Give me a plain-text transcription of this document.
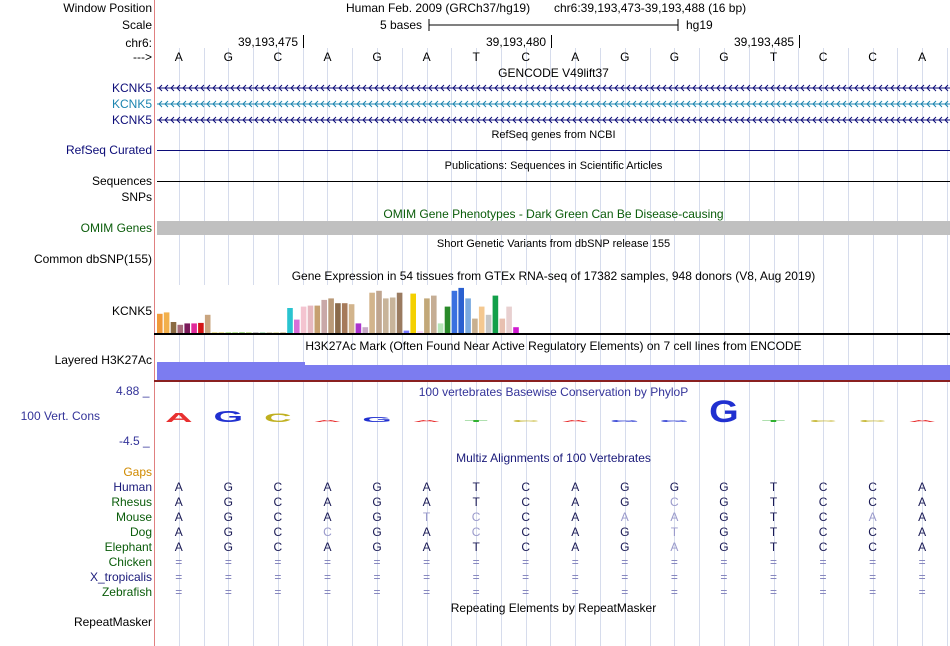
Window Position	Human Feb. 2009 (GRCh37/hg19) chr6:39,193,473-39,193,488 (16 bp)
Scale	5 bases	hg19
chr6:	39,193,475	39,193,480	39,193,485
--->	A	G	C	A	G	A	T	C	A	G	G	G	T	C	C	A
GENCODE V49lift37
KCNK5
KCNK5
KCNK5
RefSeq genes from NCBI
RefSeq Curated
Publications: Sequences in Scientific Articles
Sequences
SNPs
OMIM Gene Phenotypes - Dark Green Can Be Disease-causing
OMIM Genes
Short Genetic Variants from dbSNP release 155
Common dbSNP(155)
Gene Expression in 54 tissues from GTEx RNA-seq of 17382 samples, 948 donors (V8, Aug 2019)
KCNK5
H3K27Ac Mark (Often Found Near Active Regulatory Elements) on 7 cell lines from ENCODE
Layered H3K27Ac
100 vertebrates Basewise Conservation by PhyloP
4.88 _
100 Vert. Cons
-4.5 _
A G C A G A T C A G G G T C C A
Multiz Alignments of 100 Vertebrates
Gaps
Human	A	G	C	A	G	A	T	C	A	G	G	G	T	C	C	A
Rhesus	A	G	C	A	G	A	T	C	A	G	C	G	T	C	C	A
Mouse	A	G	C	A	G	T	C	C	A	A	A	G	T	C	A	A
Dog	A	G	C	C	G	A	C	C	A	G	T	G	T	C	C	A
Elephant	A	G	C	A	G	A	T	C	A	G	A	G	T	C	C	A
Chicken	=	=	=	=	=	=	=	=	=	=	=	=	=	=	=	=
X_tropicalis	=	=	=	=	=	=	=	=	=	=	=	=	=	=	=	=
Zebrafish	=	=	=	=	=	=	=	=	=	=	=	=	=	=	=	=
Repeating Elements by RepeatMasker
RepeatMasker
